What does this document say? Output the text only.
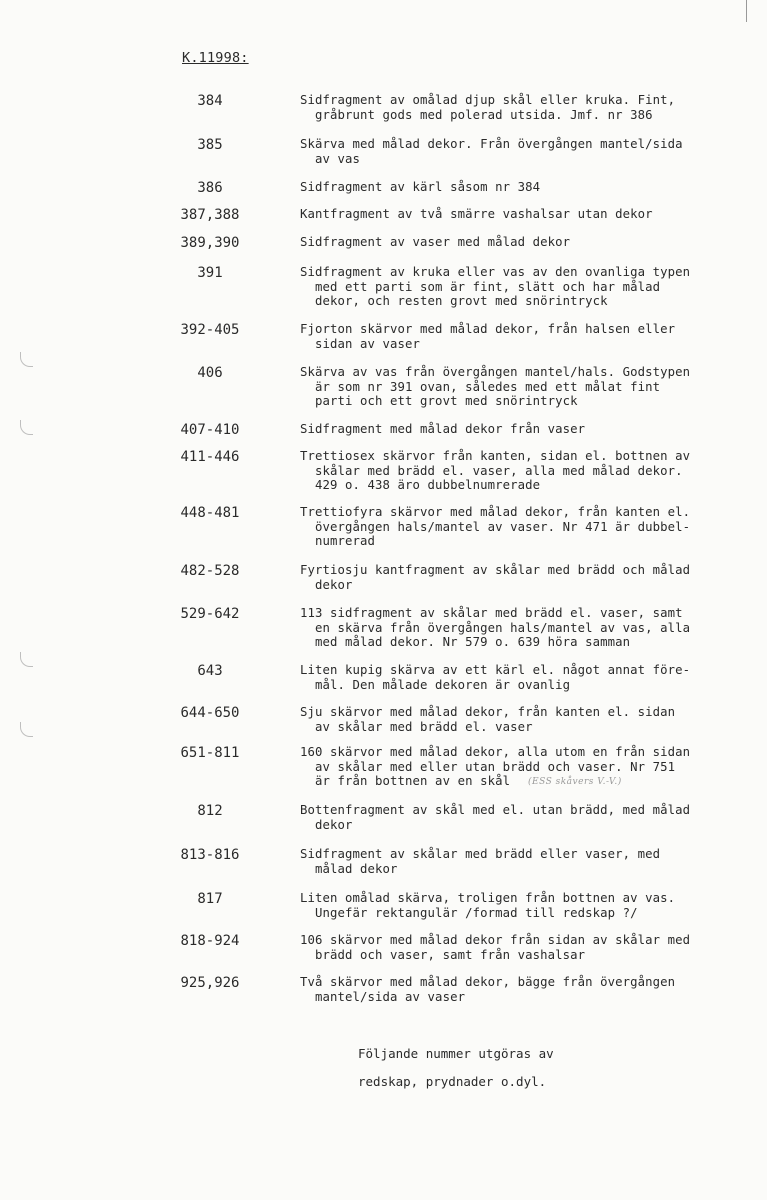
K.11998:
384	Sidfragment av omålad djup skål eller kruka. Fint,
gråbrunt gods med polerad utsida. Jmf. nr 386
385	Skärva med målad dekor. Från övergången mantel/sida
av vas
386	Sidfragment av kärl såsom nr 384
387,388	Kantfragment av två smärre vashalsar utan dekor
389,390	Sidfragment av vaser med målad dekor
391	Sidfragment av kruka eller vas av den ovanliga typen
med ett parti som är fint, slätt och har målad
dekor, och resten grovt med snörintryck
392-405	Fjorton skärvor med målad dekor, från halsen eller
sidan av vaser
406	Skärva av vas från övergången mantel/hals. Godstypen
är som nr 391 ovan, således med ett målat fint
parti och ett grovt med snörintryck
407-410	Sidfragment med målad dekor från vaser
411-446	Trettiosex skärvor från kanten, sidan el. bottnen av
skålar med brädd el. vaser, alla med målad dekor.
429 o. 438 äro dubbelnumrerade
448-481	Trettiofyra skärvor med målad dekor, från kanten el.
övergången hals/mantel av vaser. Nr 471 är dubbel-
numrerad
482-528	Fyrtiosju kantfragment av skålar med brädd och målad
dekor
529-642	113 sidfragment av skålar med brädd el. vaser, samt
en skärva från övergången hals/mantel av vas, alla
med målad dekor. Nr 579 o. 639 höra samman
643	Liten kupig skärva av ett kärl el. något annat före-
mål. Den målade dekoren är ovanlig
644-650	Sju skärvor med målad dekor, från kanten el. sidan
av skålar med brädd el. vaser
651-811	160 skärvor med målad dekor, alla utom en från sidan
av skålar med eller utan brädd och vaser. Nr 751
är från bottnen av en skål	(ESS skåvers V.-V.)
812	Bottenfragment av skål med el. utan brädd, med målad
dekor
813-816	Sidfragment av skålar med brädd eller vaser, med
målad dekor
817	Liten omålad skärva, troligen från bottnen av vas.
Ungefär rektangulär /formad till redskap ?/
818-924	106 skärvor med målad dekor från sidan av skålar med
brädd och vaser, samt från vashalsar
925,926	Två skärvor med målad dekor, bägge från övergången
mantel/sida av vaser
Följande nummer utgöras av
redskap, prydnader o.dyl.
